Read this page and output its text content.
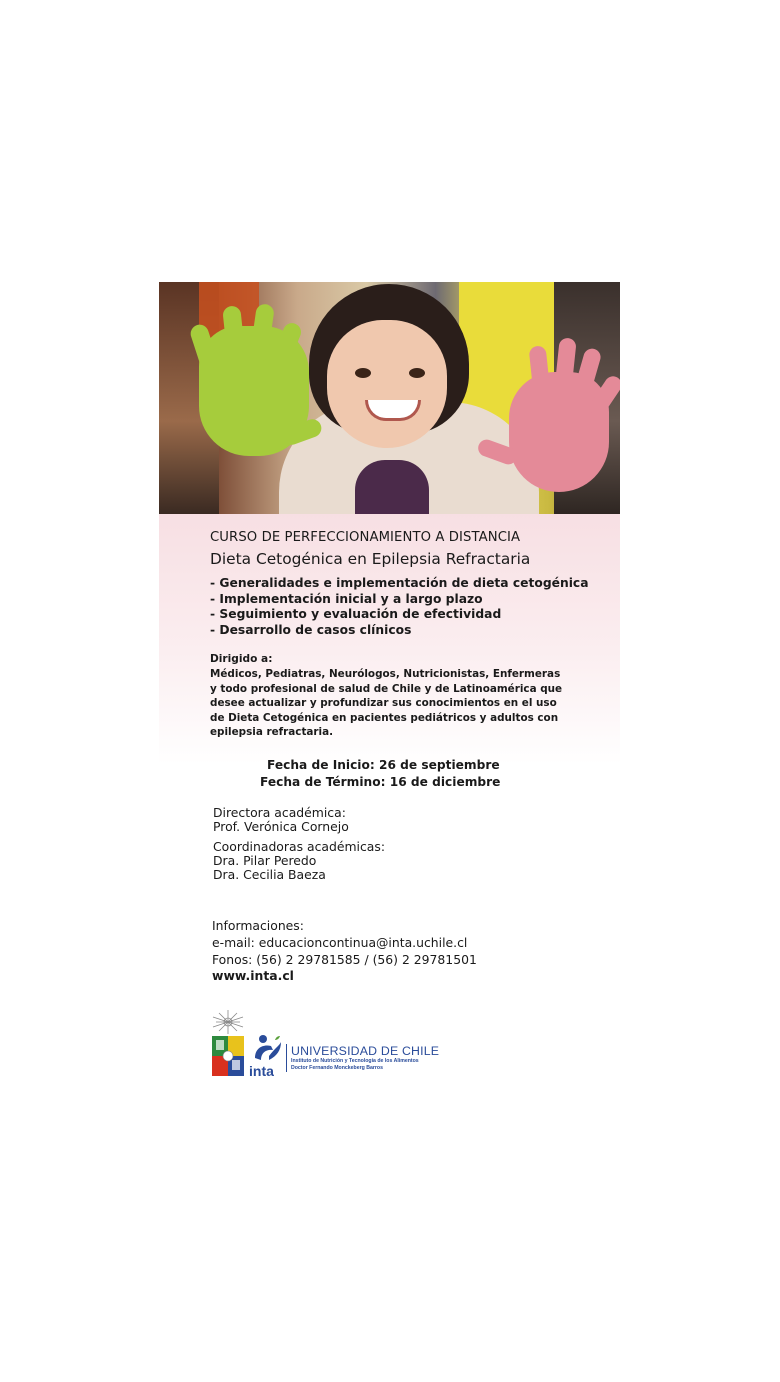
CURSO DE PERFECCIONAMIENTO A DISTANCIA
Dieta Cetogénica en Epilepsia Refractaria
- Generalidades e implementación de dieta cetogénica
- Implementación inicial y a largo plazo
- Seguimiento y evaluación de efectividad
- Desarrollo de casos clínicos
Dirigido a:
Médicos, Pediatras, Neurólogos, Nutricionistas, Enfermeras y todo profesional de salud de Chile y de Latinoamérica que desee actualizar y profundizar sus conocimientos en el uso de Dieta Cetogénica en pacientes pediátricos y adultos con epilepsia refractaria.
Fecha de Inicio: 26 de septiembre
Fecha de Término: 16 de diciembre
Directora académica:
Prof. Verónica Cornejo
Coordinadoras académicas:
Dra. Pilar Peredo
Dra. Cecilia Baeza
Informaciones:
e-mail: educacioncontinua@inta.uchile.cl
Fonos: (56) 2 29781585 / (56) 2 29781501
www.inta.cl
inta
UNIVERSIDAD DE CHILE
Instituto de Nutrición y Tecnología de los Alimentos
Doctor Fernando Monckeberg Barros
